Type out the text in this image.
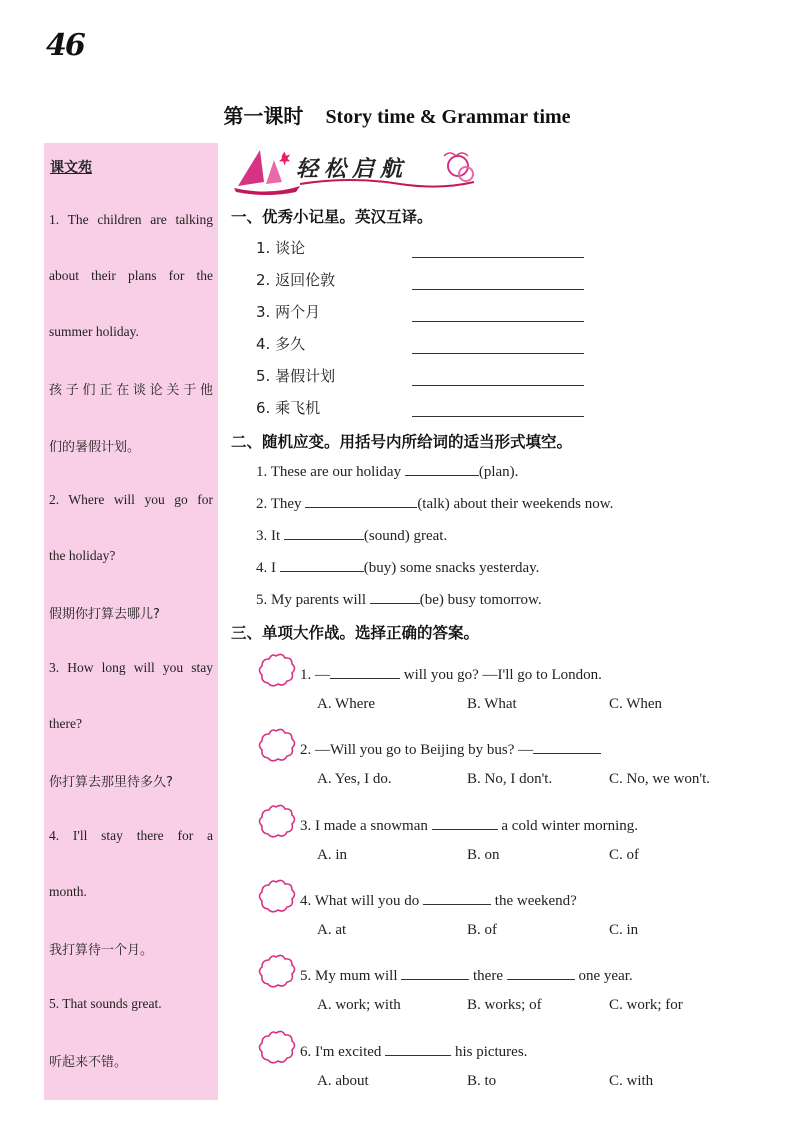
46
第一课时 Story time & Grammar time
课文苑
1. The children are talking
about their plans for the
summer holiday.
孩子们正在谈论关于他
们的暑假计划。
2. Where will you go for
the holiday?
假期你打算去哪儿?
3. How long will you stay
there?
你打算去那里待多久?
4. I'll stay there for a
month.
我打算待一个月。
5. That sounds great.
听起来不错。
轻松启航
一、优秀小记星。英汉互译。
1. 谈论
2. 返回伦敦
3. 两个月
4. 多久
5. 暑假计划
6. 乘飞机
二、随机应变。用括号内所给词的适当形式填空。
1. These are our holiday	(plan).
2. They	(talk) about their weekends now.
3. It	(sound) great.
4. I	(buy) some snacks yesterday.
5. My parents will	(be) busy tomorrow.
三、单项大作战。选择正确的答案。
1. —	will you go? —I'll go to London.
A. Where	B. What	C. When
2. —Will you go to Beijing by bus? —
A. Yes, I do.	B. No, I don't.	C. No, we won't.
3. I made a snowman	a cold winter morning.
A. in	B. on	C. of
4. What will you do	the weekend?
A. at	B. of	C. in
5. My mum will	there	one year.
A. work; with	B. works; of	C. work; for
6. I'm excited	his pictures.
A. about	B. to	C. with
